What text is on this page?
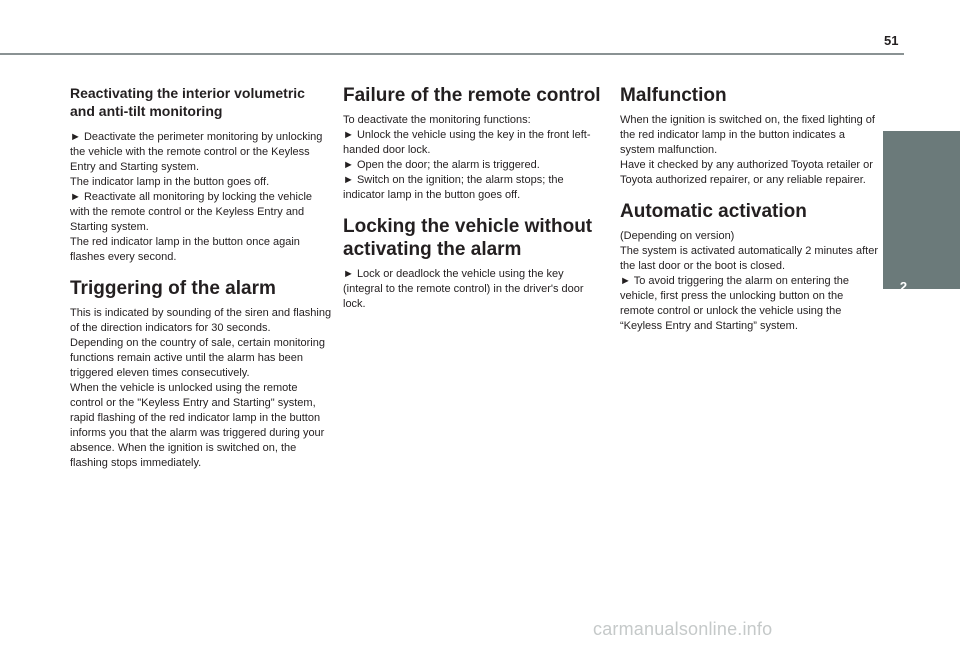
51
2
Access
Reactivating the interior volumetric and anti-tilt monitoring

► Deactivate the perimeter monitoring by unlocking the vehicle with the remote control or the Keyless Entry and Starting system.
The indicator lamp in the button goes off.
► Reactivate all monitoring by locking the vehicle with the remote control or the Keyless Entry and Starting system.
The red indicator lamp in the button once again flashes every second.

Triggering of the alarm

This is indicated by sounding of the siren and flashing of the direction indicators for 30 seconds.
Depending on the country of sale, certain monitoring functions remain active until the alarm has been triggered eleven times consecutively.
When the vehicle is unlocked using the remote control or the "Keyless Entry and Starting" system, rapid flashing of the red indicator lamp in the button informs you that the alarm was triggered during your absence. When the ignition is switched on, the flashing stops immediately.

Failure of the remote control

To deactivate the monitoring functions:
► Unlock the vehicle using the key in the front left-handed door lock.
► Open the door; the alarm is triggered.
► Switch on the ignition; the alarm stops; the indicator lamp in the button goes off.

Locking the vehicle without activating the alarm

► Lock or deadlock the vehicle using the key (integral to the remote control) in the driver's door lock.

Malfunction

When the ignition is switched on, the fixed lighting of the red indicator lamp in the button indicates a system malfunction.
Have it checked by any authorized Toyota retailer or Toyota authorized repairer, or any reliable repairer.

Automatic activation

(Depending on version)
The system is activated automatically 2 minutes after the last door or the boot is closed.
► To avoid triggering the alarm on entering the vehicle, first press the unlocking button on the remote control or unlock the vehicle using the “Keyless Entry and Starting” system.

carmanualsonline.info
